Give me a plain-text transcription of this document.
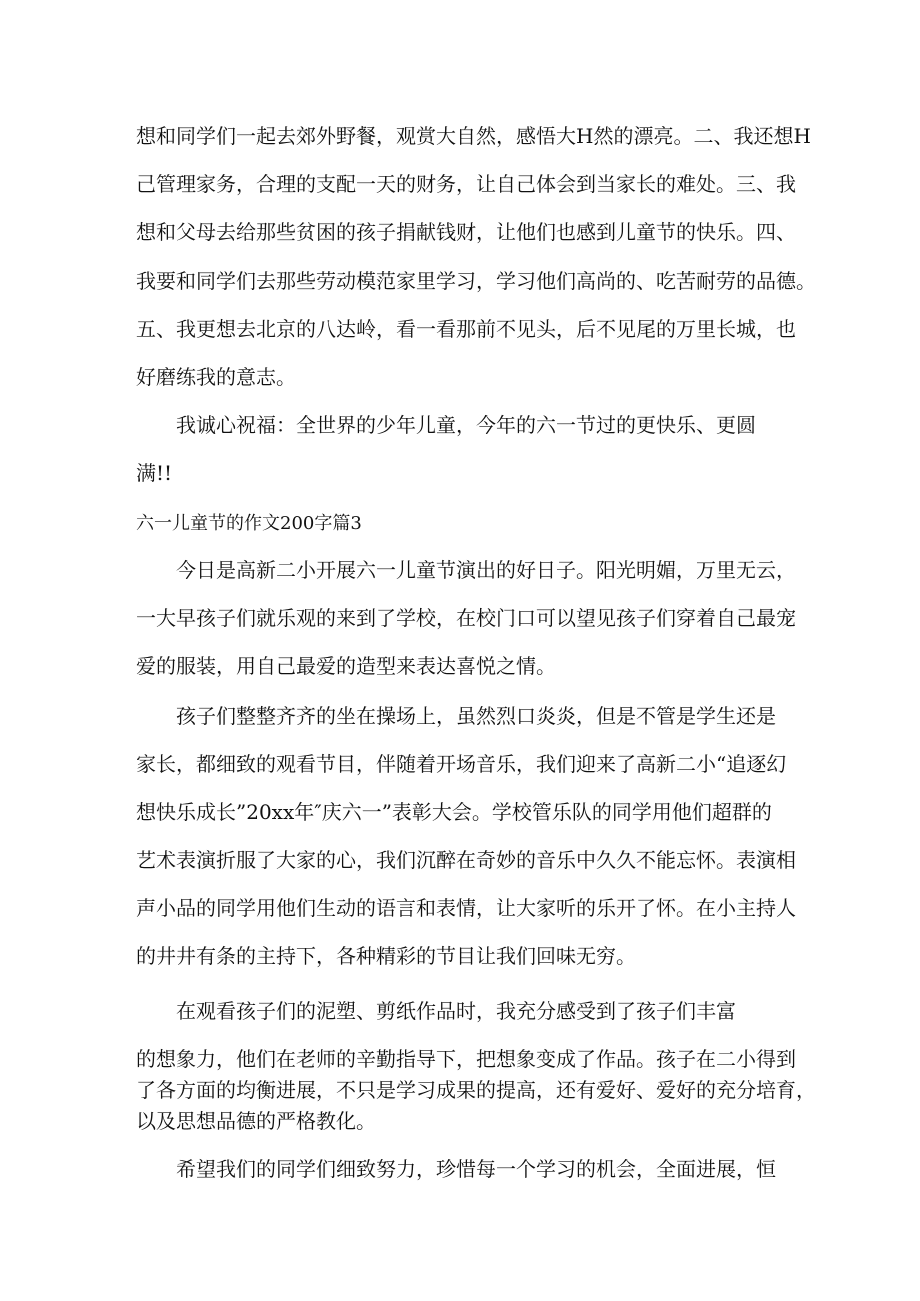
想和同学们一起去郊外野餐，观赏大自然，感悟大H然的漂亮。二、我还想H

己管理家务，合理的支配一天的财务，让自己体会到当家长的难处。三、我

想和父母去给那些贫困的孩子捐献钱财，让他们也感到儿童节的快乐。四、

我要和同学们去那些劳动模范家里学习，学习他们高尚的、吃苦耐劳的品德。

五、我更想去北京的八达岭，看一看那前不见头，后不见尾的万里长城，也

好磨练我的意志。

我诚心祝福：全世界的少年儿童，今年的六一节过的更快乐、更圆

满!!

六一儿童节的作文200字篇3

今日是高新二小开展六一儿童节演出的好日子。阳光明媚，万里无云，

一大早孩子们就乐观的来到了学校，在校门口可以望见孩子们穿着自己最宠

爱的服装，用自己最爱的造型来表达喜悦之情。

孩子们整整齐齐的坐在操场上，虽然烈口炎炎，但是不管是学生还是

家长，都细致的观看节目，伴随着开场音乐，我们迎来了高新二小“追逐幻

想快乐成长”20xx年″庆六一”表彰大会。学校管乐队的同学用他们超群的

艺术表演折服了大家的心，我们沉醉在奇妙的音乐中久久不能忘怀。表演相

声小品的同学用他们生动的语言和表情，让大家听的乐开了怀。在小主持人

的井井有条的主持下，各种精彩的节目让我们回味无穷。

在观看孩子们的泥塑、剪纸作品时，我充分感受到了孩子们丰富

的想象力，他们在老师的辛勤指导下，把想象变成了作品。孩子在二小得到

了各方面的均衡进展，不只是学习成果的提高，还有爱好、爱好的充分培育，

以及思想品德的严格教化。

希望我们的同学们细致努力，珍惜每一个学习的机会，全面进展，恒
